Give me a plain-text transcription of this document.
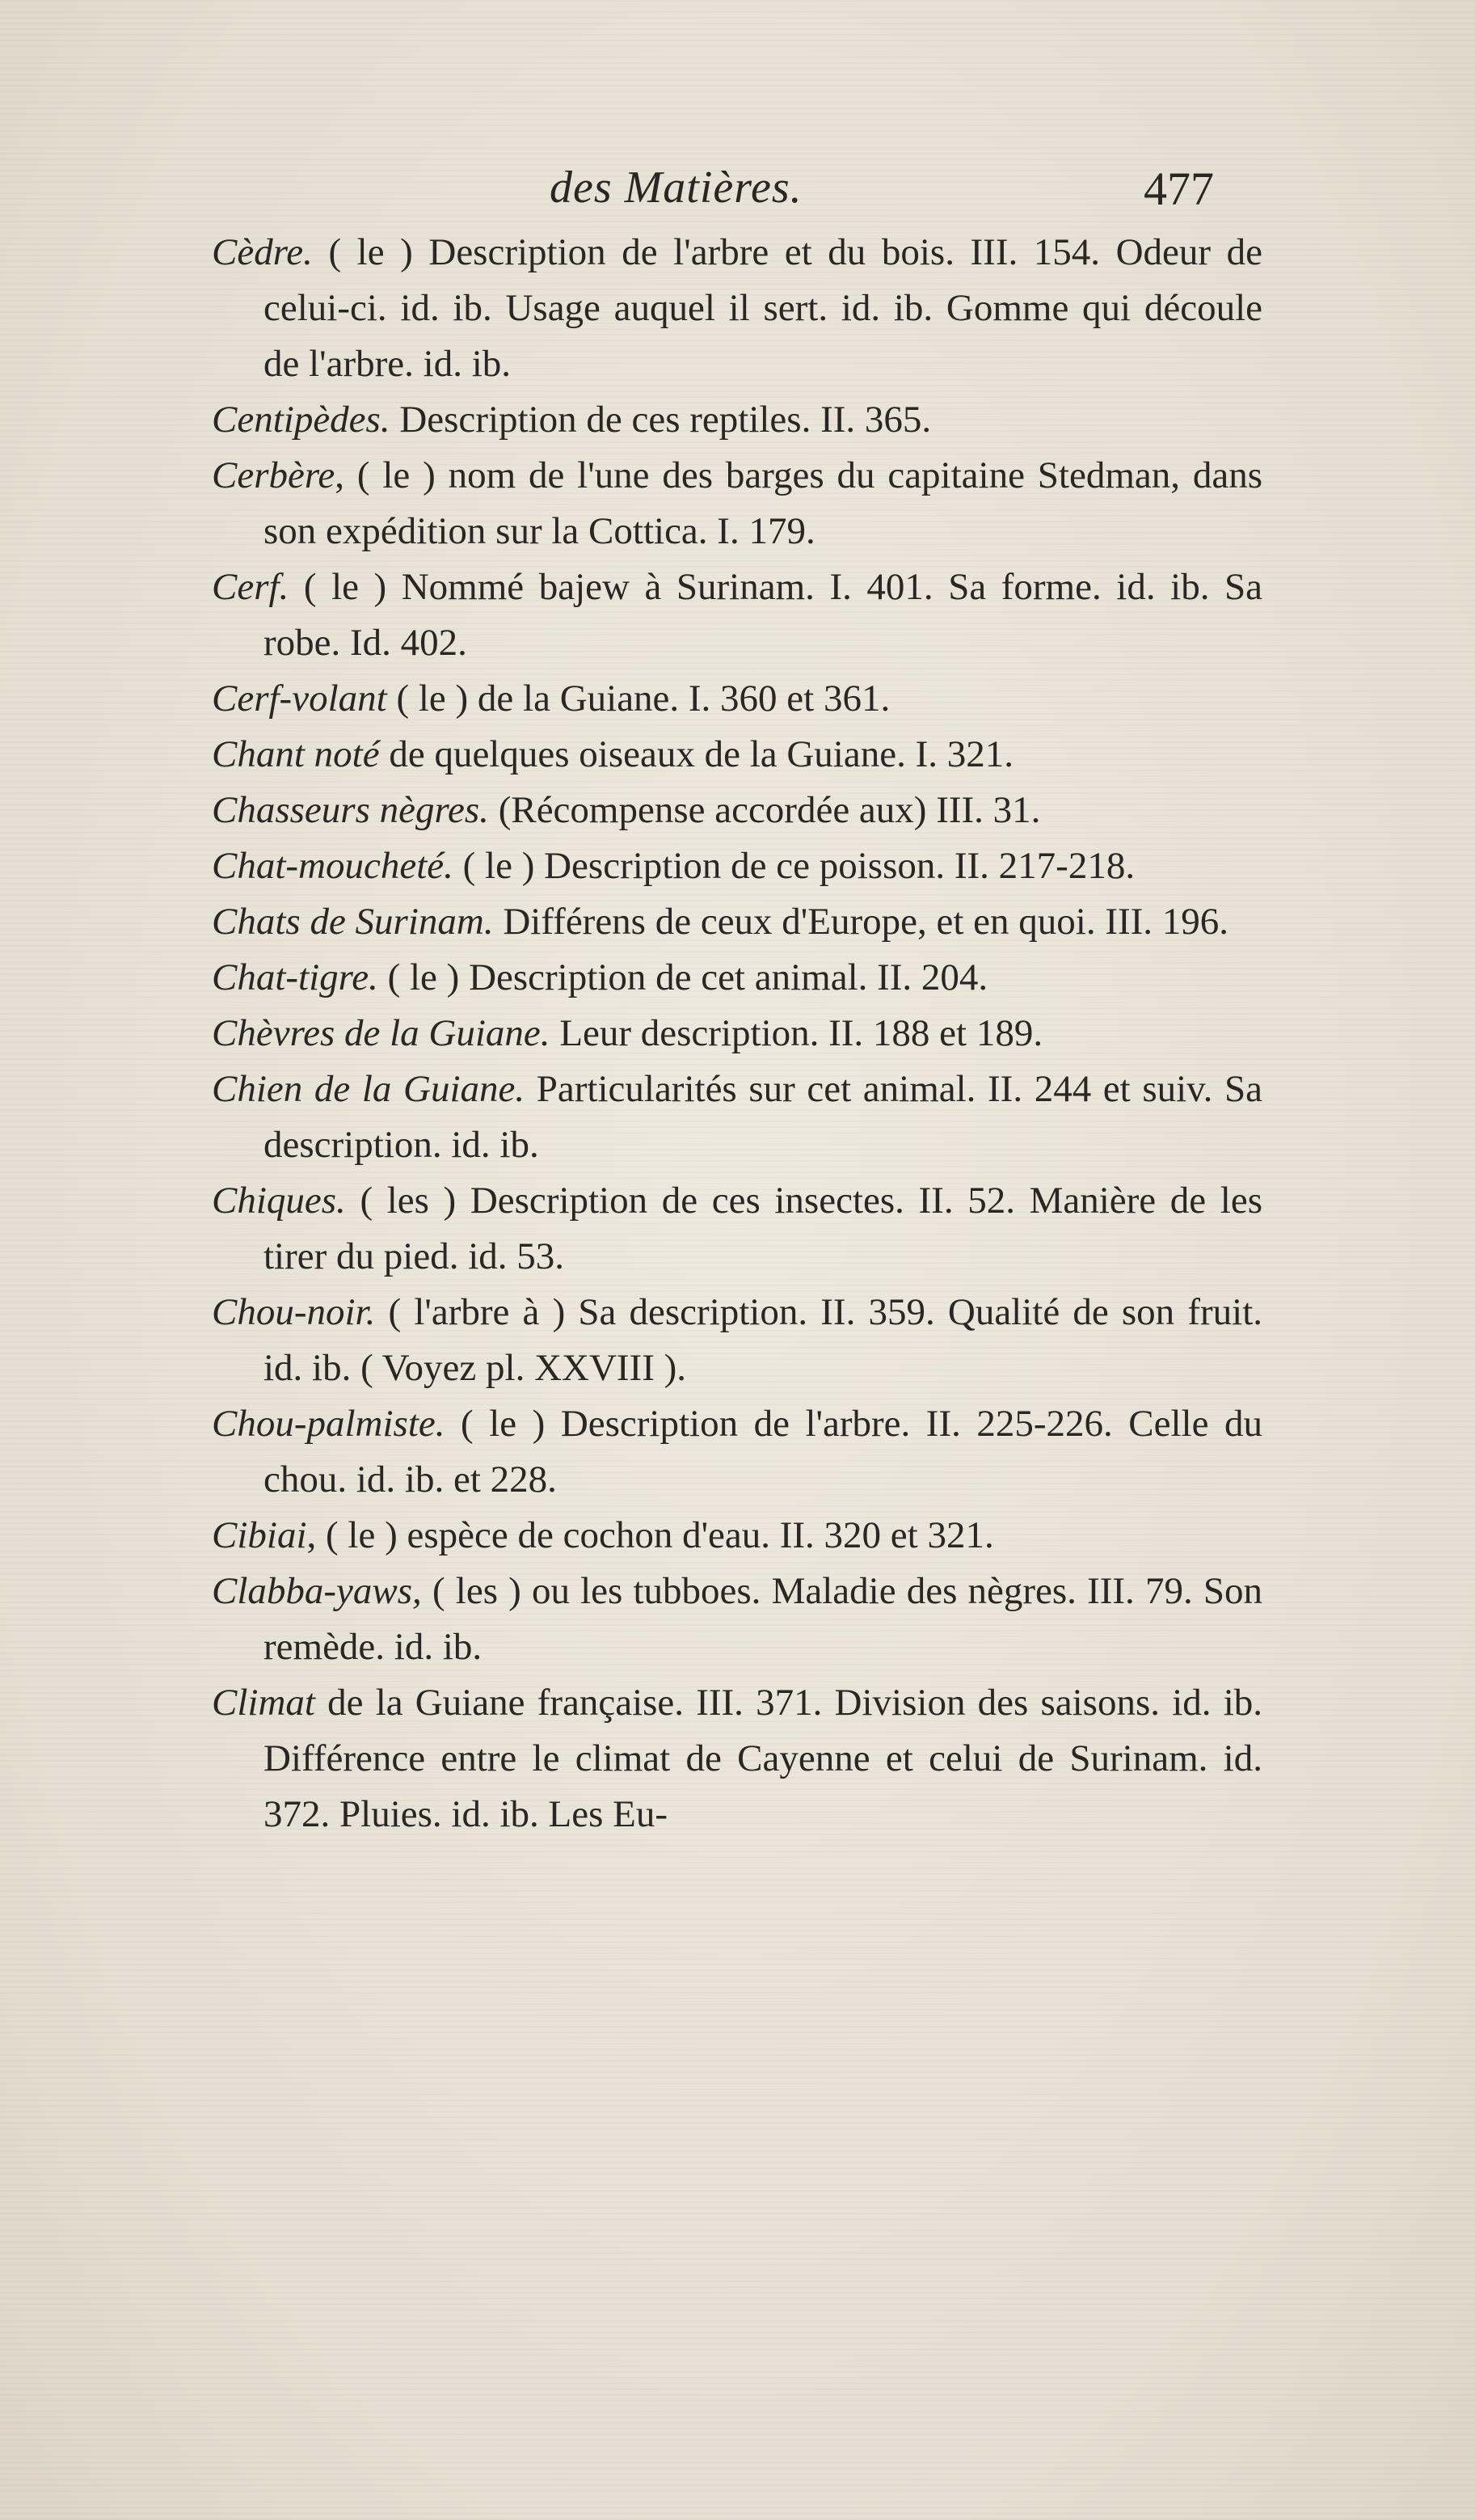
des Matières.	477

Cèdre. ( le ) Description de l'arbre et du bois. III. 154. Odeur de celui-ci. id. ib. Usage auquel il sert. id. ib. Gomme qui découle de l'arbre. id. ib.

Centipèdes. Description de ces reptiles. II. 365.

Cerbère, ( le ) nom de l'une des barges du capitaine Stedman, dans son expédition sur la Cottica. I. 179.

Cerf. ( le ) Nommé bajew à Surinam. I. 401. Sa forme. id. ib. Sa robe. Id. 402.

Cerf-volant ( le ) de la Guiane. I. 360 et 361.

Chant noté de quelques oiseaux de la Guiane. I. 321.

Chasseurs nègres. (Récompense accordée aux) III. 31.

Chat-moucheté. ( le ) Description de ce poisson. II. 217-218.

Chats de Surinam. Différens de ceux d'Europe, et en quoi. III. 196.

Chat-tigre. ( le ) Description de cet animal. II. 204.

Chèvres de la Guiane. Leur description. II. 188 et 189.

Chien de la Guiane. Particularités sur cet animal. II. 244 et suiv. Sa description. id. ib.

Chiques. ( les ) Description de ces insectes. II. 52. Manière de les tirer du pied. id. 53.

Chou-noir. ( l'arbre à ) Sa description. II. 359. Qualité de son fruit. id. ib. ( Voyez pl. XXVIII ).

Chou-palmiste. ( le ) Description de l'arbre. II. 225-226. Celle du chou. id. ib. et 228.

Cibiai, ( le ) espèce de cochon d'eau. II. 320 et 321.

Clabba-yaws, ( les ) ou les tubboes. Maladie des nègres. III. 79. Son remède. id. ib.

Climat de la Guiane française. III. 371. Division des saisons. id. ib. Différence entre le climat de Cayenne et celui de Surinam. id. 372. Pluies. id. ib. Les Eu-
